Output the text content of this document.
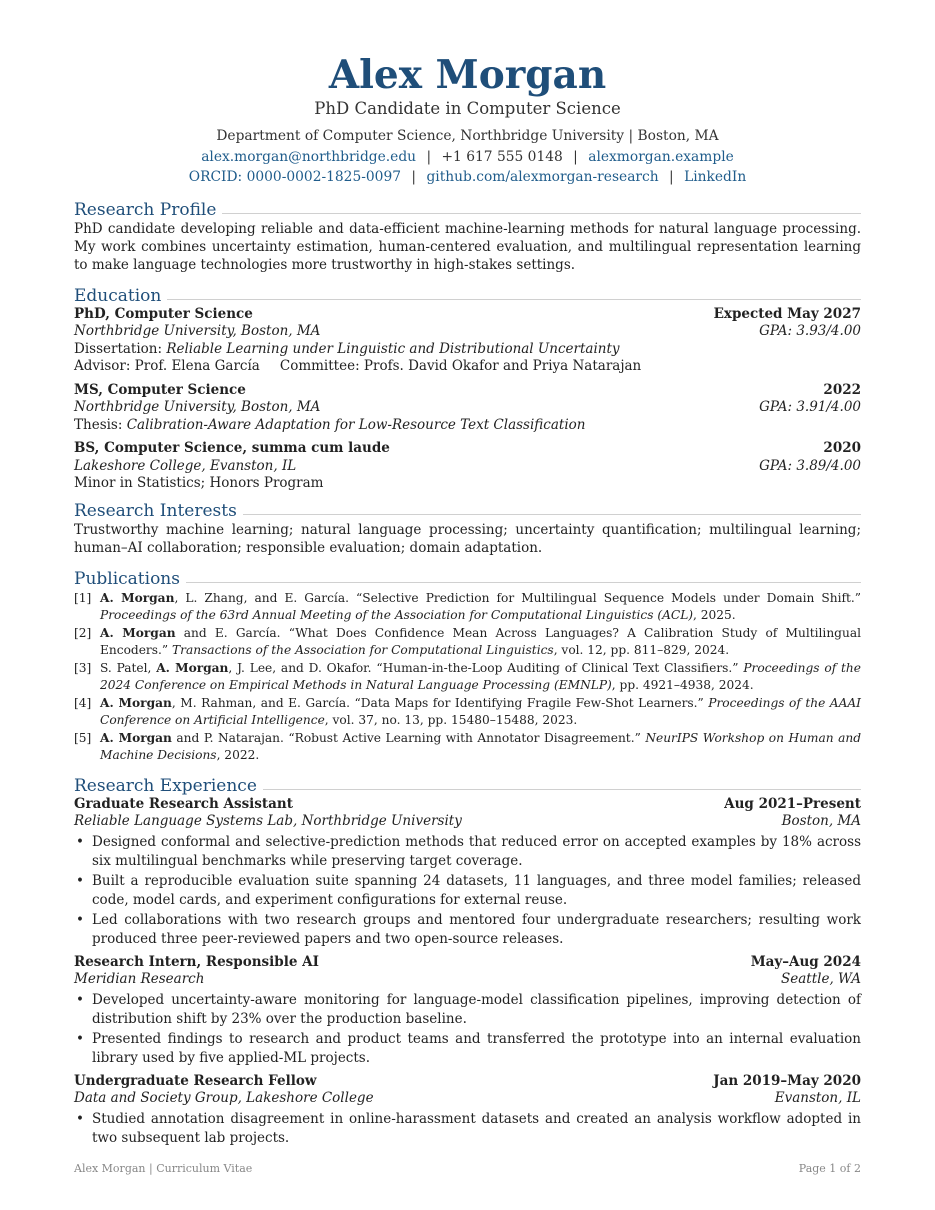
Alex Morgan
PhD Candidate in Computer Science
Department of Computer Science, Northbridge University | Boston, MA
alex.morgan@northbridge.edu | +1 617 555 0148 | alexmorgan.example
ORCID: 0000-0002-1825-0097 | github.com/alexmorgan-research | LinkedIn
Research Profile
PhD candidate developing reliable and data-efficient machine-learning methods for natural language processing. My work combines uncertainty estimation, human-centered evaluation, and multilingual representation learning to make language technologies more trustworthy in high-stakes settings.
Education
PhD, Computer Science	Expected May 2027
Northbridge University, Boston, MA	GPA: 3.93/4.00
Dissertation: Reliable Learning under Linguistic and Distributional Uncertainty
Advisor: Prof. Elena García Committee: Profs. David Okafor and Priya Natarajan
MS, Computer Science	2022
Northbridge University, Boston, MA	GPA: 3.91/4.00
Thesis: Calibration-Aware Adaptation for Low-Resource Text Classification
BS, Computer Science, summa cum laude	2020
Lakeshore College, Evanston, IL	GPA: 3.89/4.00
Minor in Statistics; Honors Program
Research Interests
Trustworthy machine learning; natural language processing; uncertainty quantification; multilingual learning; human–AI collaboration; responsible evaluation; domain adaptation.
Publications
[1] A. Morgan, L. Zhang, and E. García. “Selective Prediction for Multilingual Sequence Models under Domain Shift.” Proceedings of the 63rd Annual Meeting of the Association for Computational Linguistics (ACL), 2025.
[2] A. Morgan and E. García. “What Does Confidence Mean Across Languages? A Calibration Study of Multilingual Encoders.” Transactions of the Association for Computational Linguistics, vol. 12, pp. 811–829, 2024.
[3] S. Patel, A. Morgan, J. Lee, and D. Okafor. “Human-in-the-Loop Auditing of Clinical Text Classifiers.” Proceedings of the 2024 Conference on Empirical Methods in Natural Language Processing (EMNLP), pp. 4921–4938, 2024.
[4] A. Morgan, M. Rahman, and E. García. “Data Maps for Identifying Fragile Few-Shot Learners.” Proceedings of the AAAI Conference on Artificial Intelligence, vol. 37, no. 13, pp. 15480–15488, 2023.
[5] A. Morgan and P. Natarajan. “Robust Active Learning with Annotator Disagreement.” NeurIPS Workshop on Human and Machine Decisions, 2022.
Research Experience
Graduate Research Assistant	Aug 2021–Present
Reliable Language Systems Lab, Northbridge University	Boston, MA
• Designed conformal and selective-prediction methods that reduced error on accepted examples by 18% across six multilingual benchmarks while preserving target coverage.
• Built a reproducible evaluation suite spanning 24 datasets, 11 languages, and three model families; released code, model cards, and experiment configurations for external reuse.
• Led collaborations with two research groups and mentored four undergraduate researchers; resulting work produced three peer-reviewed papers and two open-source releases.
Research Intern, Responsible AI	May–Aug 2024
Meridian Research	Seattle, WA
• Developed uncertainty-aware monitoring for language-model classification pipelines, improving detection of distribution shift by 23% over the production baseline.
• Presented findings to research and product teams and transferred the prototype into an internal evaluation library used by five applied-ML projects.
Undergraduate Research Fellow	Jan 2019–May 2020
Data and Society Group, Lakeshore College	Evanston, IL
• Studied annotation disagreement in online-harassment datasets and created an analysis workflow adopted in two subsequent lab projects.
Alex Morgan | Curriculum Vitae	Page 1 of 2
